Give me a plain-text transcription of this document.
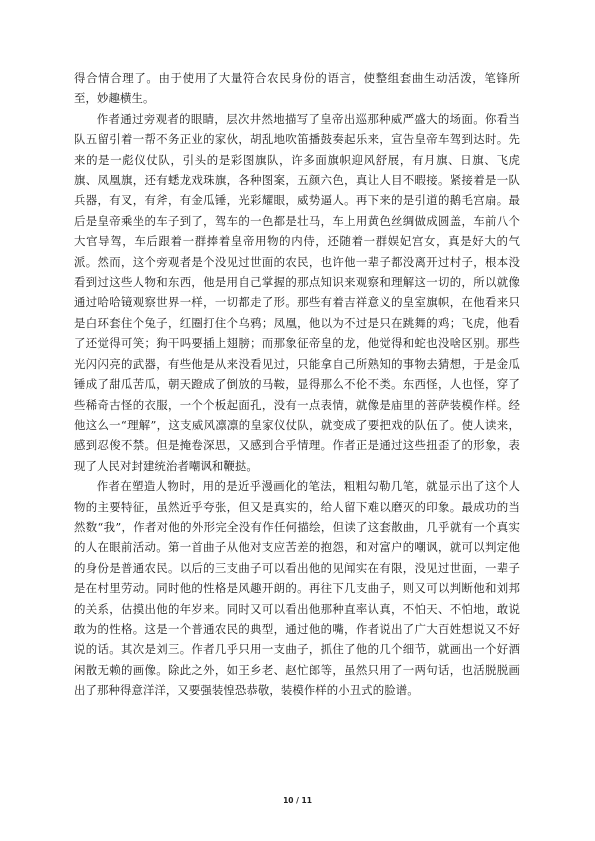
得合情合理了。由于使用了大量符合农民身份的语言，使整组套曲生动活泼，笔锋所至，妙趣横生。

作者通过旁观者的眼睛，层次井然地描写了皇帝出巡那种威严盛大的场面。你看当队五留引着一帮不务正业的家伙，胡乱地吹笛播鼓奏起乐来，宣告皇帝车驾到达时。先来的是一彪仪仗队，引头的是彩图旗队，许多面旗帜迎风舒展，有月旗、日旗、飞虎旗、凤凰旗，还有蟋龙戏珠旗，各种图案，五颜六色，真让人目不暇接。紧接着是一队兵器，有叉，有斧，有金瓜锤，光彩耀眼，威势逼人。再下来的是引道的鹅毛宫扇。最后是皇帝乘坐的车子到了，驾车的一色都是壮马，车上用黄色丝绸做成圆盖，车前八个大官导驾，车后跟着一群捧着皇帝用物的内侍，还随着一群娱妃宫女，真是好大的气派。然而，这个旁观者是个没见过世面的农民，也许他一辈子都没离开过村子，根本没看到过这些人物和东西，他是用自己掌握的那点知识来观察和理解这一切的，所以就像通过哈哈镜观察世界一样，一切都走了形。那些有着吉祥意义的皇室旗帜，在他看来只是白环套住个兔子，红圈打住个乌鸦；凤凰，他以为不过是只在跳舞的鸡；飞虎，他看了还觉得可笑；狗干吗要插上翅膀；而那象征帝皇的龙，他觉得和蛇也没啥区别。那些光闪闪亮的武器，有些他是从来没看见过，只能拿自己所熟知的事物去猜想，于是金瓜锤成了甜瓜苦瓜，朝天蹬成了倒放的马鞍，显得那么不伦不类。东西怪，人也怪，穿了些稀奇古怪的衣服，一个个板起面孔，没有一点表情，就像是庙里的菩萨装模作样。经他这么一“理解”，这支威风凛凛的皇家仪仗队，就变成了要把戏的队伍了。使人读来，感到忍俊不禁。但是掩卷深思，又感到合乎情理。作者正是通过这些扭歪了的形象，表现了人民对封建统治者嘲讽和鞭挞。

作者在塑造人物时，用的是近乎漫画化的笔法，粗粗勾勒几笔，就显示出了这个人物的主要特征，虽然近乎夸张，但又是真实的，给人留下难以磨灭的印象。最成功的当然数“我”，作者对他的外形完全没有作任何描绘，但读了这套散曲，几乎就有一个真实的人在眼前活动。第一首曲子从他对支应苦差的抱怨，和对富户的嘲讽，就可以判定他的身份是普通农民。以后的三支曲子可以看出他的见闻实在有限，没见过世面，一辈子是在村里劳动。同时他的性格是风趣开朗的。再往下几支曲子，则又可以判断他和刘邦的关系，估摸出他的年岁来。同时又可以看出他那种直率认真，不怕天、不怕地，敢说敢为的性格。这是一个普通农民的典型，通过他的嘴，作者说出了广大百姓想说又不好说的话。其次是刘三。作者几乎只用一支曲子，抓住了他的几个细节，就画出一个好酒闲散无赖的画像。除此之外，如王乡老、赵忙郎等，虽然只用了一两句话，也活脱脱画出了那种得意洋洋，又要强装惶恐恭敬，装模作样的小丑式的脸谱。

10 / 11
